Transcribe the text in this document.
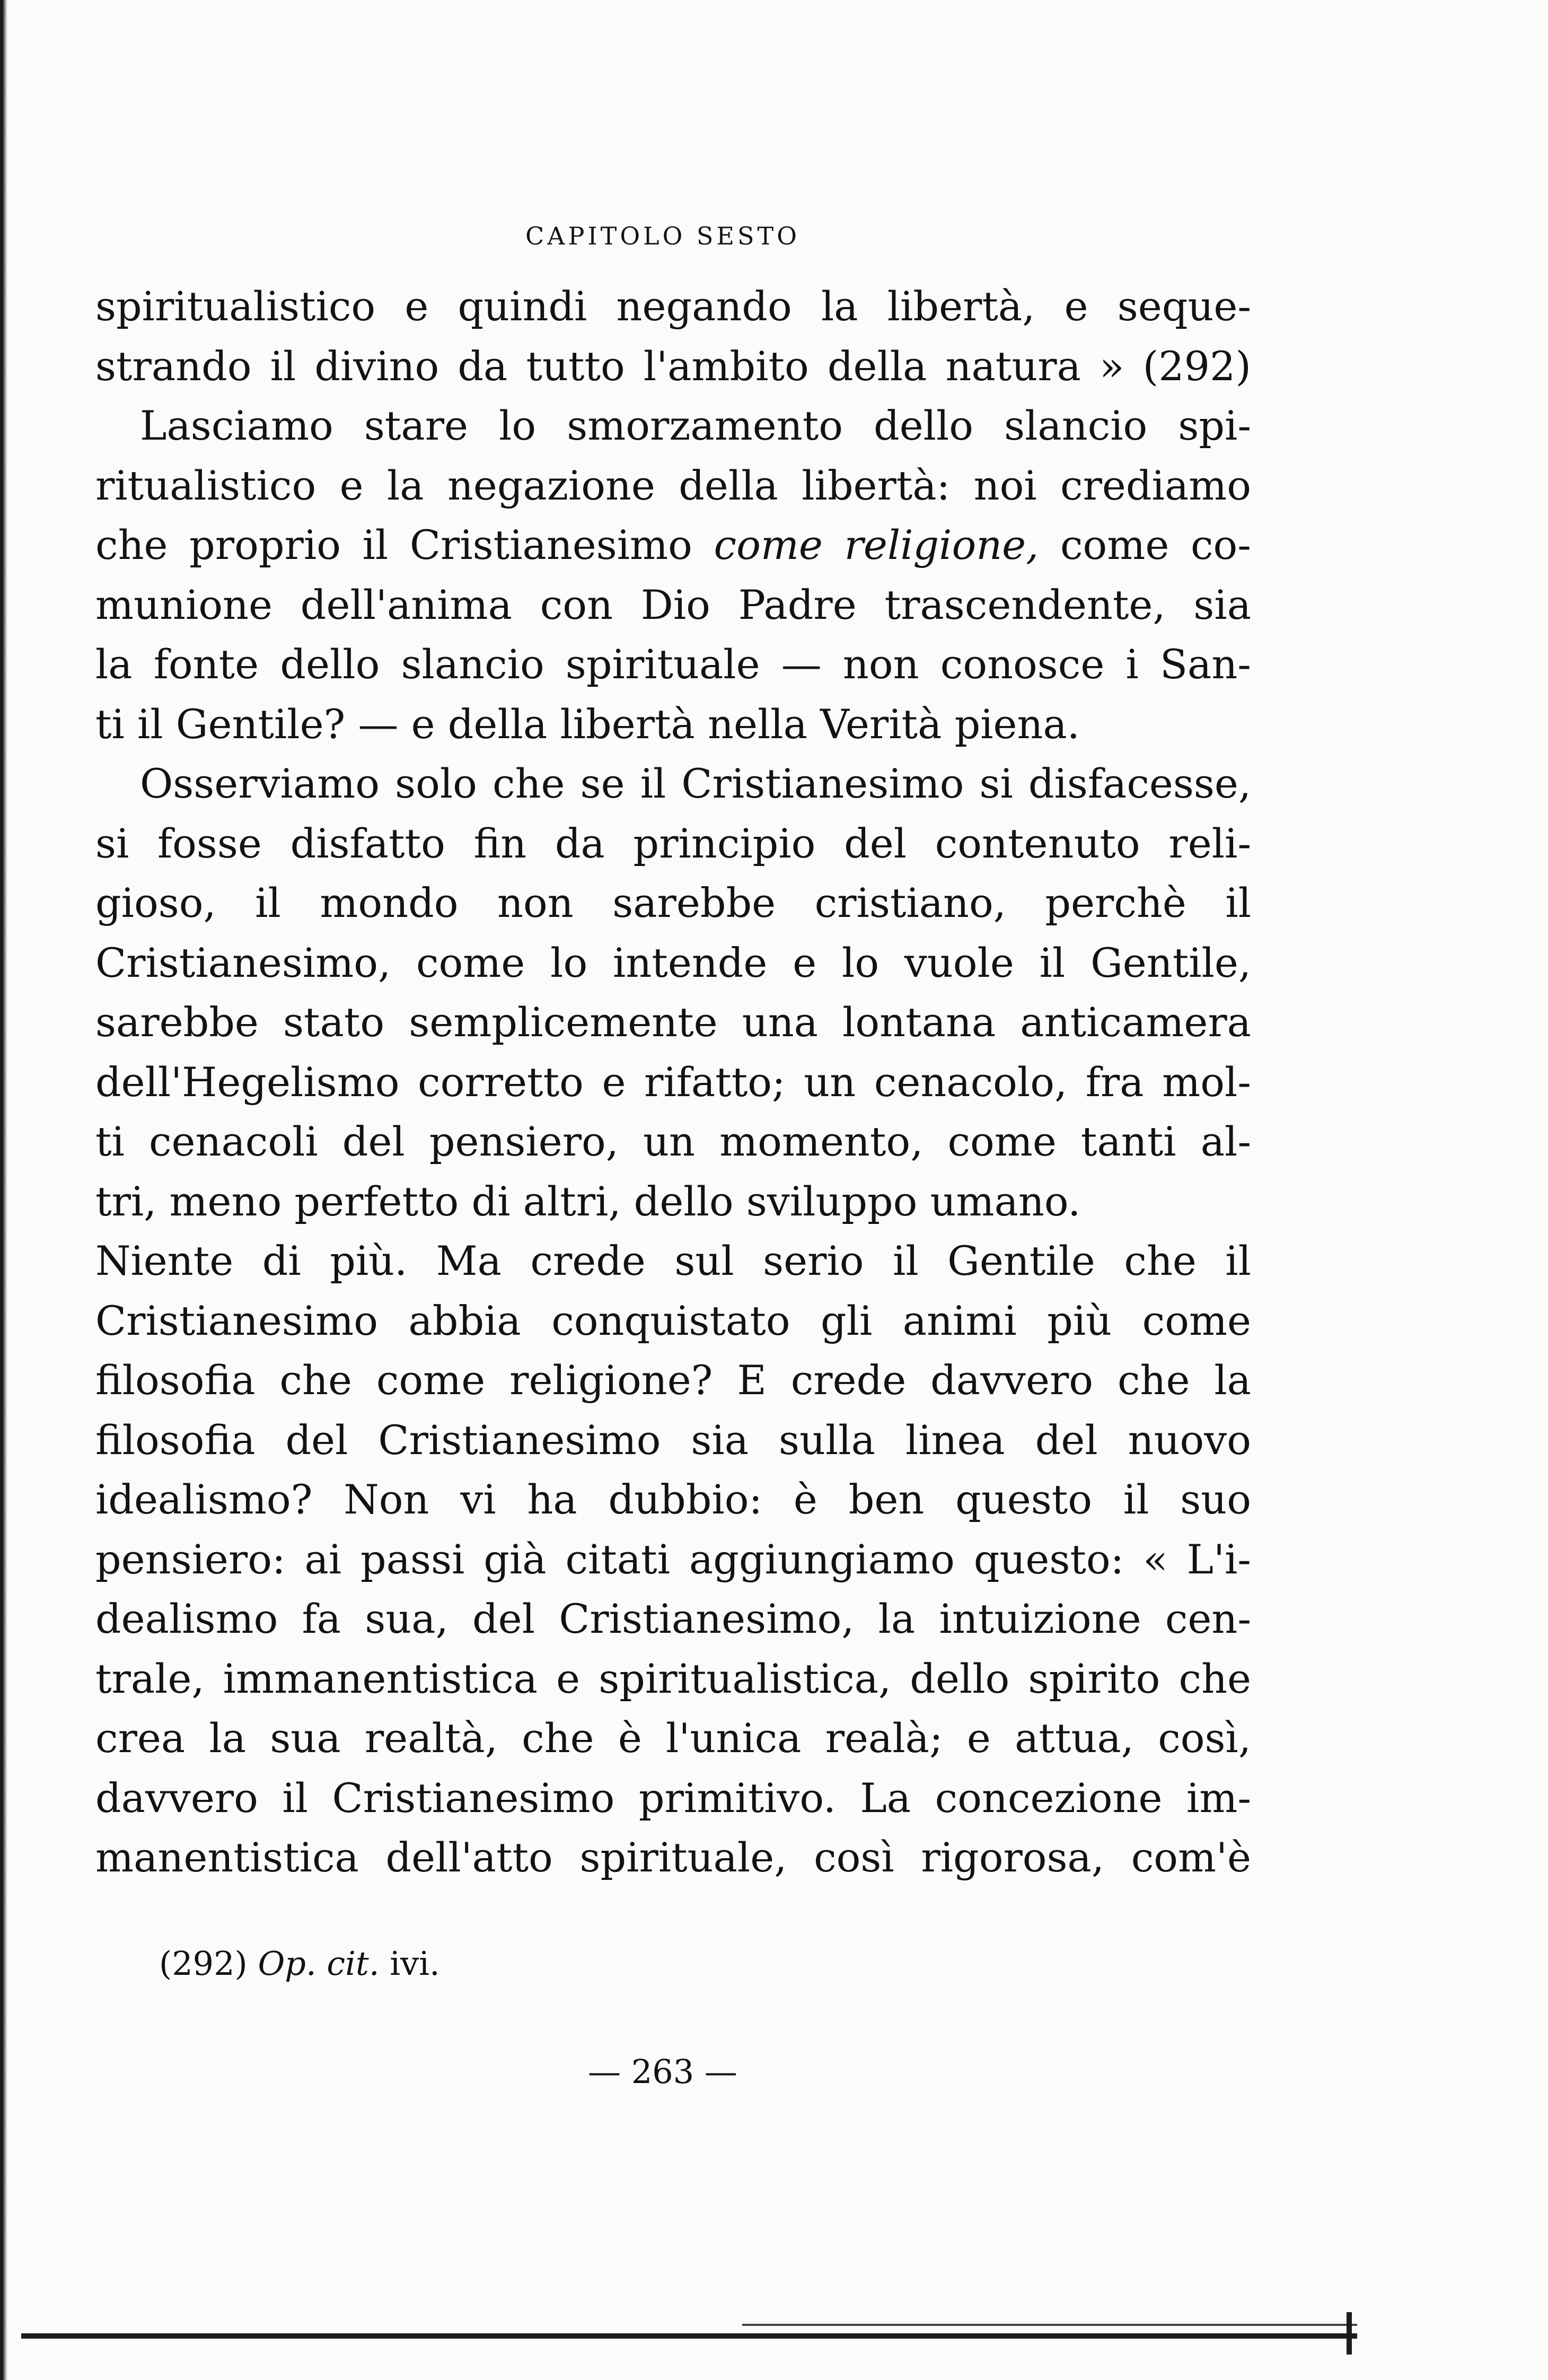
CAPITOLO SESTO
spiritualistico e quindi negando la libertà, e seque-
strando il divino da tutto l'ambito della natura » (292)
Lasciamo stare lo smorzamento dello slancio spi-
ritualistico e la negazione della libertà: noi crediamo
che proprio il Cristianesimo come religione, come co-
munione dell'anima con Dio Padre trascendente, sia
la fonte dello slancio spirituale — non conosce i San-
ti il Gentile? — e della libertà nella Verità piena.
Osserviamo solo che se il Cristianesimo si disfacesse,
si fosse disfatto fin da principio del contenuto reli-
gioso, il mondo non sarebbe cristiano, perchè il
Cristianesimo, come lo intende e lo vuole il Gentile,
sarebbe stato semplicemente una lontana anticamera
dell'Hegelismo corretto e rifatto; un cenacolo, fra mol-
ti cenacoli del pensiero, un momento, come tanti al-
tri, meno perfetto di altri, dello sviluppo umano.
Niente di più. Ma crede sul serio il Gentile che il
Cristianesimo abbia conquistato gli animi più come
filosofia che come religione? E crede davvero che la
filosofia del Cristianesimo sia sulla linea del nuovo
idealismo? Non vi ha dubbio: è ben questo il suo
pensiero: ai passi già citati aggiungiamo questo: « L'i-
dealismo fa sua, del Cristianesimo, la intuizione cen-
trale, immanentistica e spiritualistica, dello spirito che
crea la sua realtà, che è l'unica realà; e attua, così,
davvero il Cristianesimo primitivo. La concezione im-
manentistica dell'atto spirituale, così rigorosa, com'è
(292) Op. cit. ivi.
— 263 —
